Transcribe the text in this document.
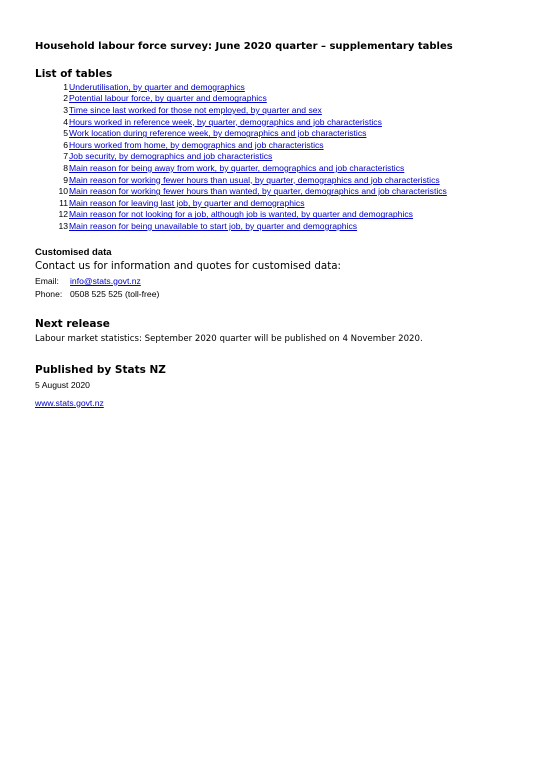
Household labour force survey: June 2020 quarter – supplementary tables
List of tables
1 Underutilisation, by quarter and demographics
2 Potential labour force, by quarter and demographics
3 Time since last worked for those not employed, by quarter and sex
4 Hours worked in reference week, by quarter, demographics and job characteristics
5 Work location during reference week, by demographics and job characteristics
6 Hours worked from home, by demographics and job characteristics
7 Job security, by demographics and job characteristics
8 Main reason for being away from work, by quarter, demographics and job characteristics
9 Main reason for working fewer hours than usual, by quarter, demographics and job characteristics
10 Main reason for working fewer hours than wanted, by quarter, demographics and job characteristics
11 Main reason for leaving last job, by quarter and demographics
12 Main reason for not looking for a job, although job is wanted, by quarter and demographics
13 Main reason for being unavailable to start job, by quarter and demographics
Customised data

Contact us for information and quotes for customised data:

Email:	info@stats.govt.nz
Phone: 0508 525 525 (toll-free)
Next release

Labour market statistics: September 2020 quarter will be published on 4 November 2020.

Published by Stats NZ
5 August 2020
www.stats.govt.nz
